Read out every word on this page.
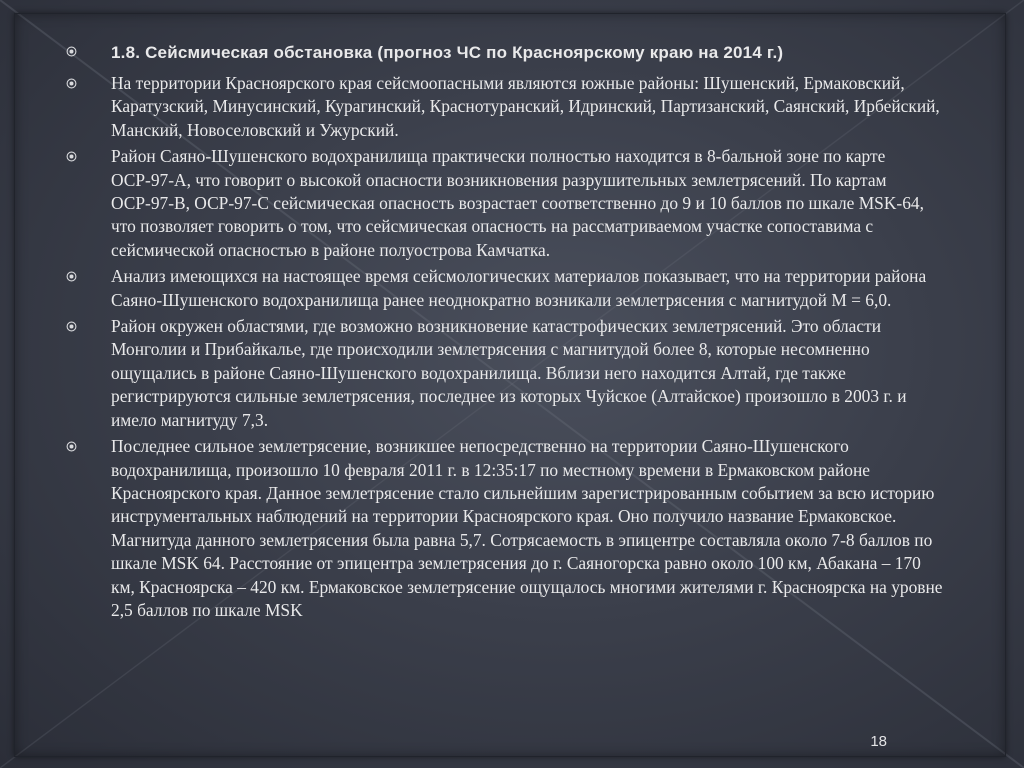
1.8. Сейсмическая обстановка (прогноз ЧС по Красноярскому краю на 2014 г.)
На территории Красноярского края сейсмоопасными являются южные районы: Шушенский, Ермаковский, Каратузский, Минусинский, Курагинский, Краснотуранский, Идринский, Партизанский, Саянский, Ирбейский, Манский, Новоселовский и Ужурский.
Район Саяно-Шушенского водохранилища практически полностью находится в 8-бальной зоне по карте ОСР-97-А, что говорит о высокой опасности возникновения разрушительных землетрясений. По картам ОСР-97-В, ОСР-97-С сейсмическая опасность возрастает соответственно до 9 и 10 баллов по шкале MSK-64, что позволяет говорить о том, что сейсмическая опасность на рассматриваемом участке сопоставима с сейсмической опасностью в районе полуострова Камчатка.
Анализ имеющихся на настоящее время сейсмологических материалов показывает, что на территории района Саяно-Шушенского водохранилища ранее неоднократно возникали землетрясения с магнитудой М = 6,0.
Район окружен областями, где возможно возникновение катастрофических землетрясений. Это области Монголии и Прибайкалье, где происходили землетрясения с магнитудой более 8, которые несомненно ощущались в районе Саяно-Шушенского водохранилища. Вблизи него находится Алтай, где также регистрируются сильные землетрясения, последнее из которых Чуйское (Алтайское) произошло в 2003 г. и имело магнитуду 7,3.
Последнее сильное землетрясение, возникшее непосредственно на территории Саяно-Шушенского водохранилища, произошло 10 февраля 2011 г. в 12:35:17 по местному времени в Ермаковском районе Красноярского края. Данное землетрясение стало сильнейшим зарегистрированным событием за всю историю инструментальных наблюдений на территории Красноярского края. Оно получило название Ермаковское. Магнитуда данного землетрясения была равна 5,7. Сотрясаемость в эпицентре составляла около 7-8 баллов по шкале MSK 64. Расстояние от эпицентра землетрясения до г. Саяногорска равно около 100 км, Абакана – 170 км, Красноярска – 420 км. Ермаковское землетрясение ощущалось многими жителями г. Красноярска на уровне 2,5 баллов по шкале MSK
18
